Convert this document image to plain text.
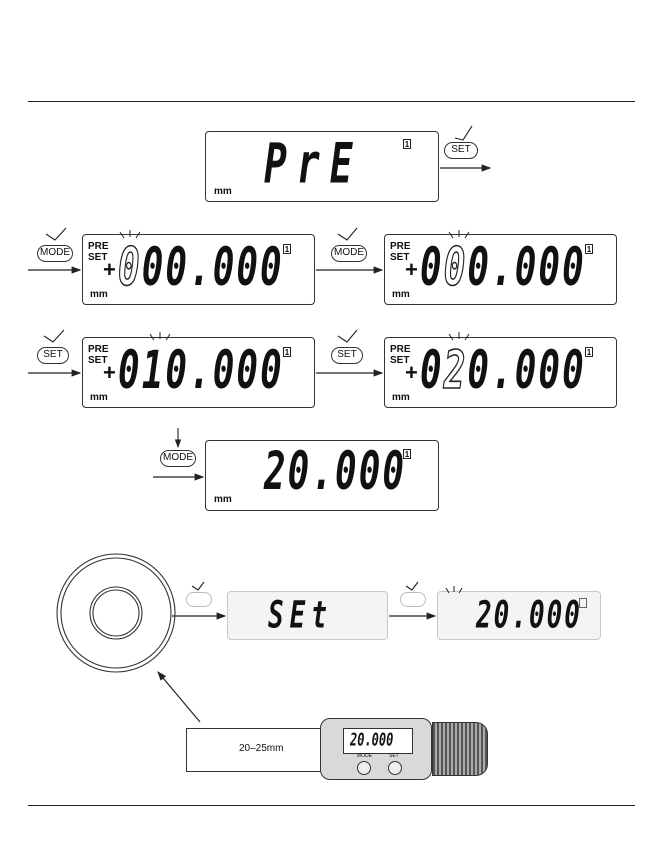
PrE
mm
1	SET
MODE
PRE
SET
+ 000.000
mm
1	MODE
PRE
SET
+ 000.000
mm
1
SET	PRE
SET
+ 010.000
mm
1	SET	PRE
SET
+ 020.000
mm
1
MODE 20.000
mm
1
SEt	20.000
20–25mm	20.000
MODE	SET
